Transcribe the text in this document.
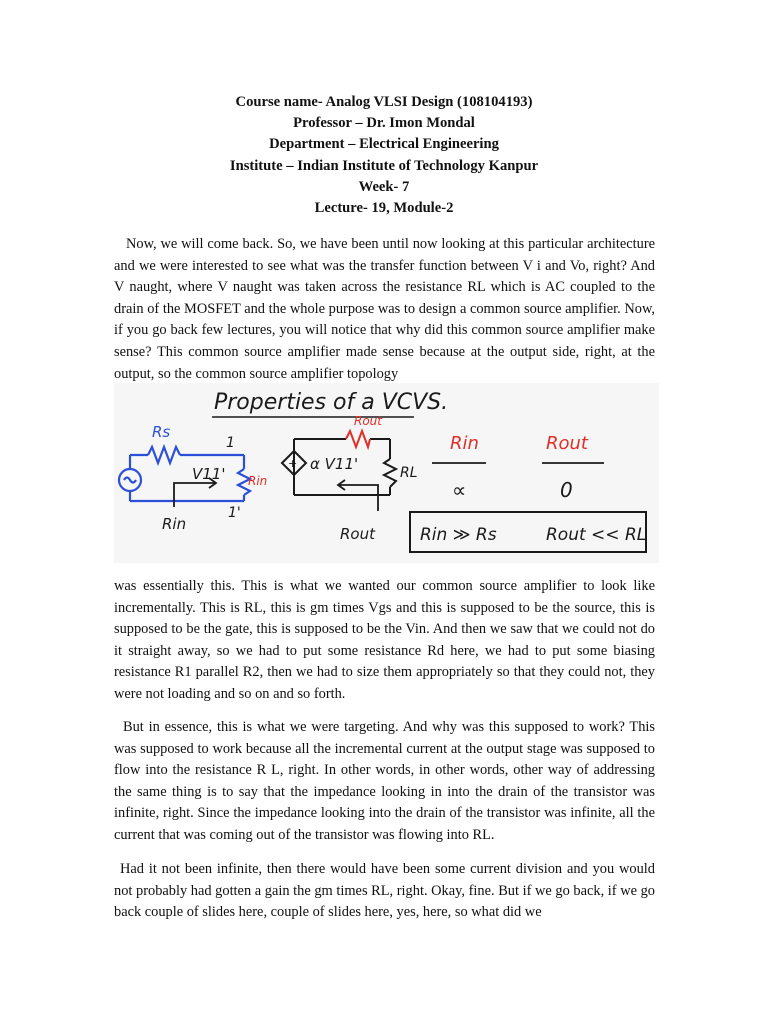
Course name- Analog VLSI Design (108104193)
Professor – Dr. Imon Mondal
Department – Electrical Engineering
Institute – Indian Institute of Technology Kanpur
Week- 7
Lecture- 19, Module-2

Now, we will come back. So, we have been until now looking at this particular architecture and we were interested to see what was the transfer function between V i and Vo, right? And V naught, where V naught was taken across the resistance RL which is AC coupled to the drain of the MOSFET and the whole purpose was to design a common source amplifier. Now, if you go back few lectures, you will notice that why did this common source amplifier make sense? This common source amplifier made sense because at the output side, right, at the output, so the common source amplifier topology

Properties of a VCVS.
Rs
1
1'
V11' Rin
Rin
+ α V11'
Rout
RL
Rout
Rin	Rout
∝	0
Rin ≫ Rs	Rout << RL

was essentially this. This is what we wanted our common source amplifier to look like incrementally. This is RL, this is gm times Vgs and this is supposed to be the source, this is supposed to be the gate, this is supposed to be the Vin. And then we saw that we could not do it straight away, so we had to put some resistance Rd here, we had to put some biasing resistance R1 parallel R2, then we had to size them appropriately so that they could not, they were not loading and so on and so forth.

But in essence, this is what we were targeting. And why was this supposed to work? This was supposed to work because all the incremental current at the output stage was supposed to flow into the resistance R L, right. In other words, in other words, other way of addressing the same thing is to say that the impedance looking in into the drain of the transistor was infinite, right. Since the impedance looking into the drain of the transistor was infinite, all the current that was coming out of the transistor was flowing into RL.

Had it not been infinite, then there would have been some current division and you would not probably had gotten a gain the gm times RL, right. Okay, fine. But if we go back, if we go back couple of slides here, couple of slides here, yes, here, so what did we
